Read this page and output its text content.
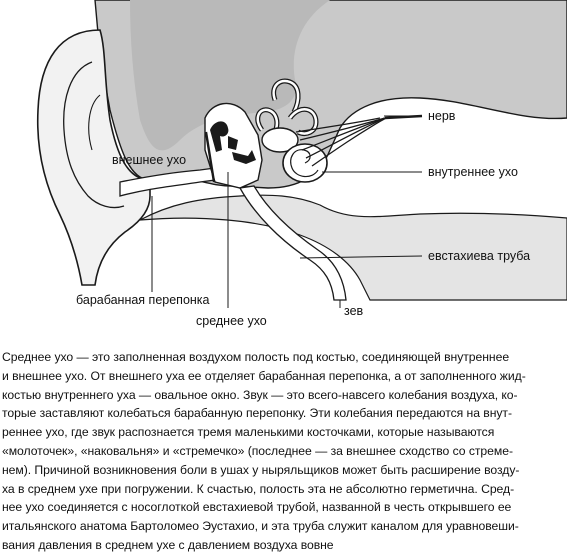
нерв
внутреннее ухо
внешнее ухо
евстахиева труба
барабанная перепонка
среднее ухо
зев
Среднее ухо — это заполненная воздухом полость под костью, соединяющей внутреннее
и внешнее ухо. От внешнего уха ее отделяет барабанная перепонка, а от заполненного жид-
костью внутреннего уха — овальное окно. Звук — это всего-навсего колебания воздуха, ко-
торые заставляют колебаться барабанную перепонку. Эти колебания передаются на внут-
реннее ухо, где звук распознается тремя маленькими косточками, которые называются
«молоточек», «наковальня» и «стремечко» (последнее — за внешнее сходство со стреме-
нем). Причиной возникновения боли в ушах у ныряльщиков может быть расширение возду-
ха в среднем ухе при погружении. К счастью, полость эта не абсолютно герметична. Сред-
нее ухо соединяется с носоглоткой евстахиевой трубой, названной в честь открывшего ее
итальянского анатома Бартоломео Эустахио, и эта труба служит каналом для уравновеши-
вания давления в среднем ухе с давлением воздуха вовне
